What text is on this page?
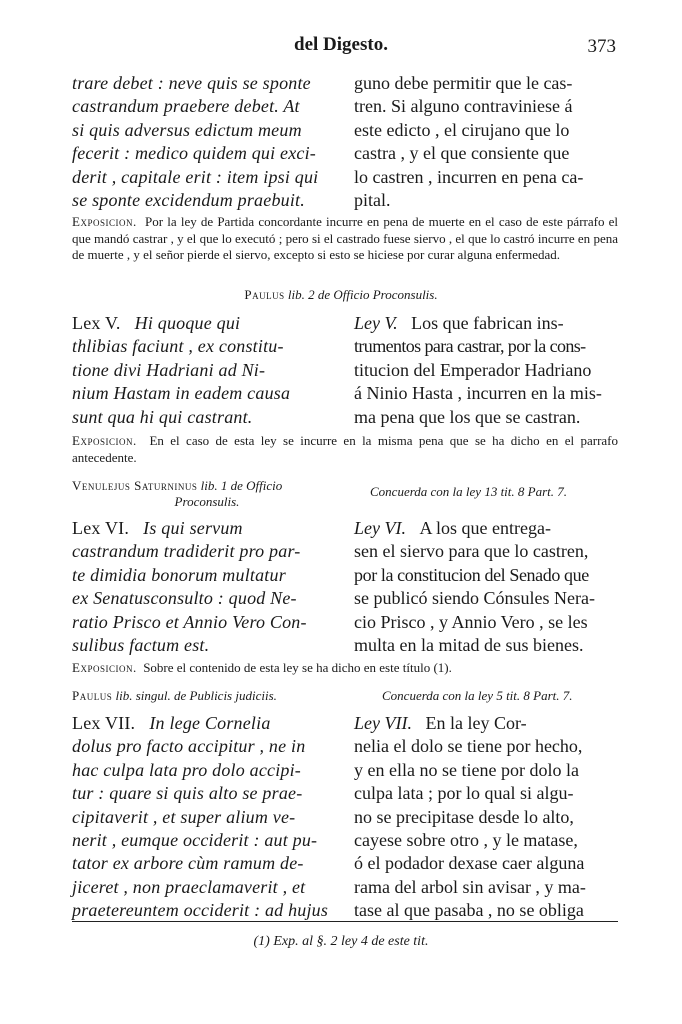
del Digesto.	373
trare debet : neve quis se sponte
castrandum praebere debet. At
si quis adversus edictum meum
fecerit : medico quidem qui exci-
derit , capitale erit : item ipsi qui
se sponte excidendum praebuit.
guno debe permitir que le cas-
tren. Si alguno contraviniese á
este edicto , el cirujano que lo
castra , y el que consiente que
lo castren , incurren en pena ca-
pital.
Exposicion. Por la ley de Partida concordante incurre en pena de muerte en el caso de este párrafo el que mandó castrar , y el que lo executó ; pero si el castrado fuese siervo , el que lo castró incurre en pena de muerte , y el señor pierde el siervo, excepto si esto se hiciese por curar alguna enfermedad.
Paulus lib. 2 de Officio Proconsulis.
Lex V. Hi quoque qui
thlibias faciunt , ex constitu-
tione divi Hadriani ad Ni-
nium Hastam in eadem causa
sunt qua hi qui castrant.
Ley V. Los que fabrican ins-
trumentos para castrar, por la cons-
titucion del Emperador Hadriano
á Ninio Hasta , incurren en la mis-
ma pena que los que se castran.
Exposicion. En el caso de esta ley se incurre en la misma pena que se ha dicho en el parrafo antecedente.
Venulejus Saturninus lib. 1 de Officio

Proconsulis.
Concuerda con la ley 13 tit. 8 Part. 7.
Lex VI. Is qui servum
castrandum tradiderit pro par-
te dimidia bonorum multatur
ex Senatusconsulto : quod Ne-
ratio Prisco et Annio Vero Con-
sulibus factum est.
Ley VI. A los que entrega-
sen el siervo para que lo castren,
por la constitucion del Senado que
se publicó siendo Cónsules Nera-
cio Prisco , y Annio Vero , se les
multa en la mitad de sus bienes.
Exposicion. Sobre el contenido de esta ley se ha dicho en este título (1).
Paulus lib. singul. de Publicis judiciis.	Concuerda con la ley 5 tit. 8 Part. 7.
Lex VII. In lege Cornelia
dolus pro facto accipitur , ne in
hac culpa lata pro dolo accipi-
tur : quare si quis alto se prae-
cipitaverit , et super alium ve-
nerit , eumque occiderit : aut pu-
tator ex arbore cùm ramum de-
jiceret , non praeclamaverit , et
praetereuntem occiderit : ad hujus
Ley VII. En la ley Cor-
nelia el dolo se tiene por hecho,
y en ella no se tiene por dolo la
culpa lata ; por lo qual si algu-
no se precipitase desde lo alto,
cayese sobre otro , y le matase,
ó el podador dexase caer alguna
rama del arbol sin avisar , y ma-
tase al que pasaba , no se obliga
(1) Exp. al §. 2 ley 4 de este tit.
